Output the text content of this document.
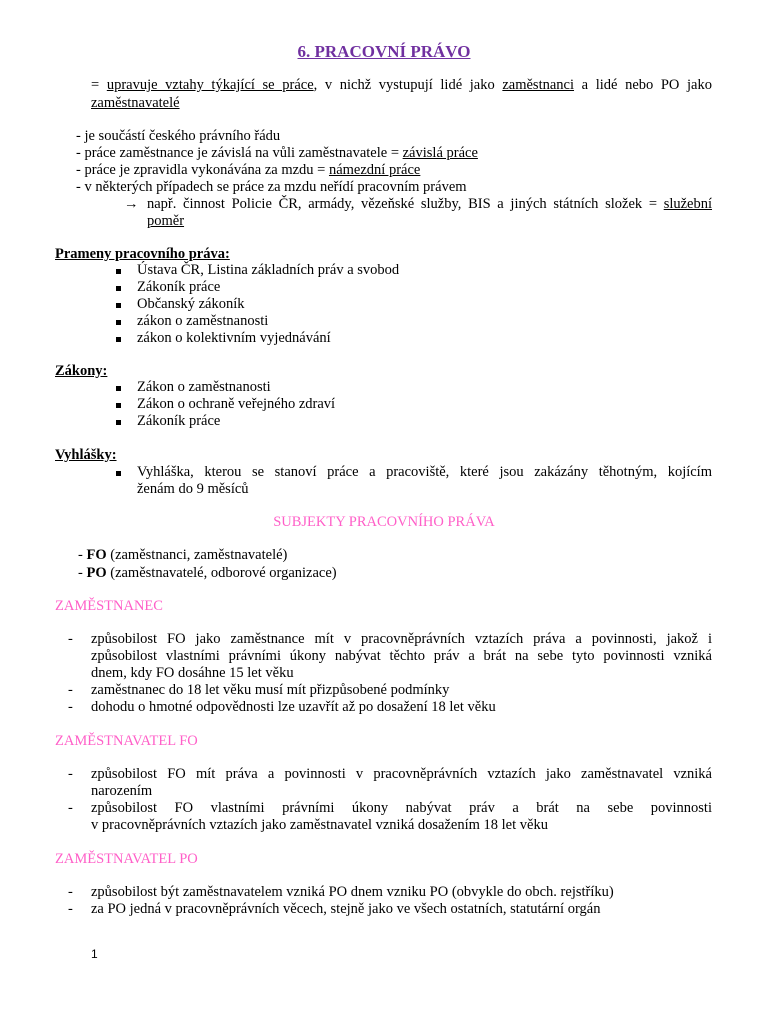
6. PRACOVNÍ PRÁVO
= upravuje vztahy týkající se práce, v nichž vystupují lidé jako zaměstnanci a lidé nebo PO jako
zaměstnavatelé
- je součástí českého právního řádu
- práce zaměstnance je závislá na vůli zaměstnavatele = závislá práce
- práce je zpravidla vykonávána za mzdu = námezdní práce
- v některých případech se práce za mzdu neřídí pracovním právem
→ např. činnost Policie ČR, armády, vězeňské služby, BIS a jiných státních složek = služební
poměr
Prameny pracovního práva:
Ústava ČR, Listina základních práv a svobod
Zákoník práce
Občanský zákoník
zákon o zaměstnanosti
zákon o kolektivním vyjednávání
Zákony:
Zákon o zaměstnanosti
Zákon o ochraně veřejného zdraví
Zákoník práce
Vyhlášky:
Vyhláška, kterou se stanoví práce a pracoviště, které jsou zakázány těhotným, kojícím
ženám do 9 měsíců
SUBJEKTY PRACOVNÍHO PRÁVA
- FO (zaměstnanci, zaměstnavatelé)
- PO (zaměstnavatelé, odborové organizace)
ZAMĚSTNANEC
- způsobilost FO jako zaměstnance mít v pracovněprávních vztazích práva a povinnosti, jakož i
způsobilost vlastními právními úkony nabývat těchto práv a brát na sebe tyto povinnosti vzniká
dnem, kdy FO dosáhne 15 let věku
- zaměstnanec do 18 let věku musí mít přizpůsobené podmínky
- dohodu o hmotné odpovědnosti lze uzavřít až po dosažení 18 let věku
ZAMĚSTNAVATEL FO
- způsobilost FO mít práva a povinnosti v pracovněprávních vztazích jako zaměstnavatel vzniká
narozením
- způsobilost FO vlastními právními úkony nabývat práv a brát na sebe povinnosti
v pracovněprávních vztazích jako zaměstnavatel vzniká dosažením 18 let věku
ZAMĚSTNAVATEL PO
- způsobilost být zaměstnavatelem vzniká PO dnem vzniku PO (obvykle do obch. rejstříku)
- za PO jedná v pracovněprávních věcech, stejně jako ve všech ostatních, statutární orgán
1
